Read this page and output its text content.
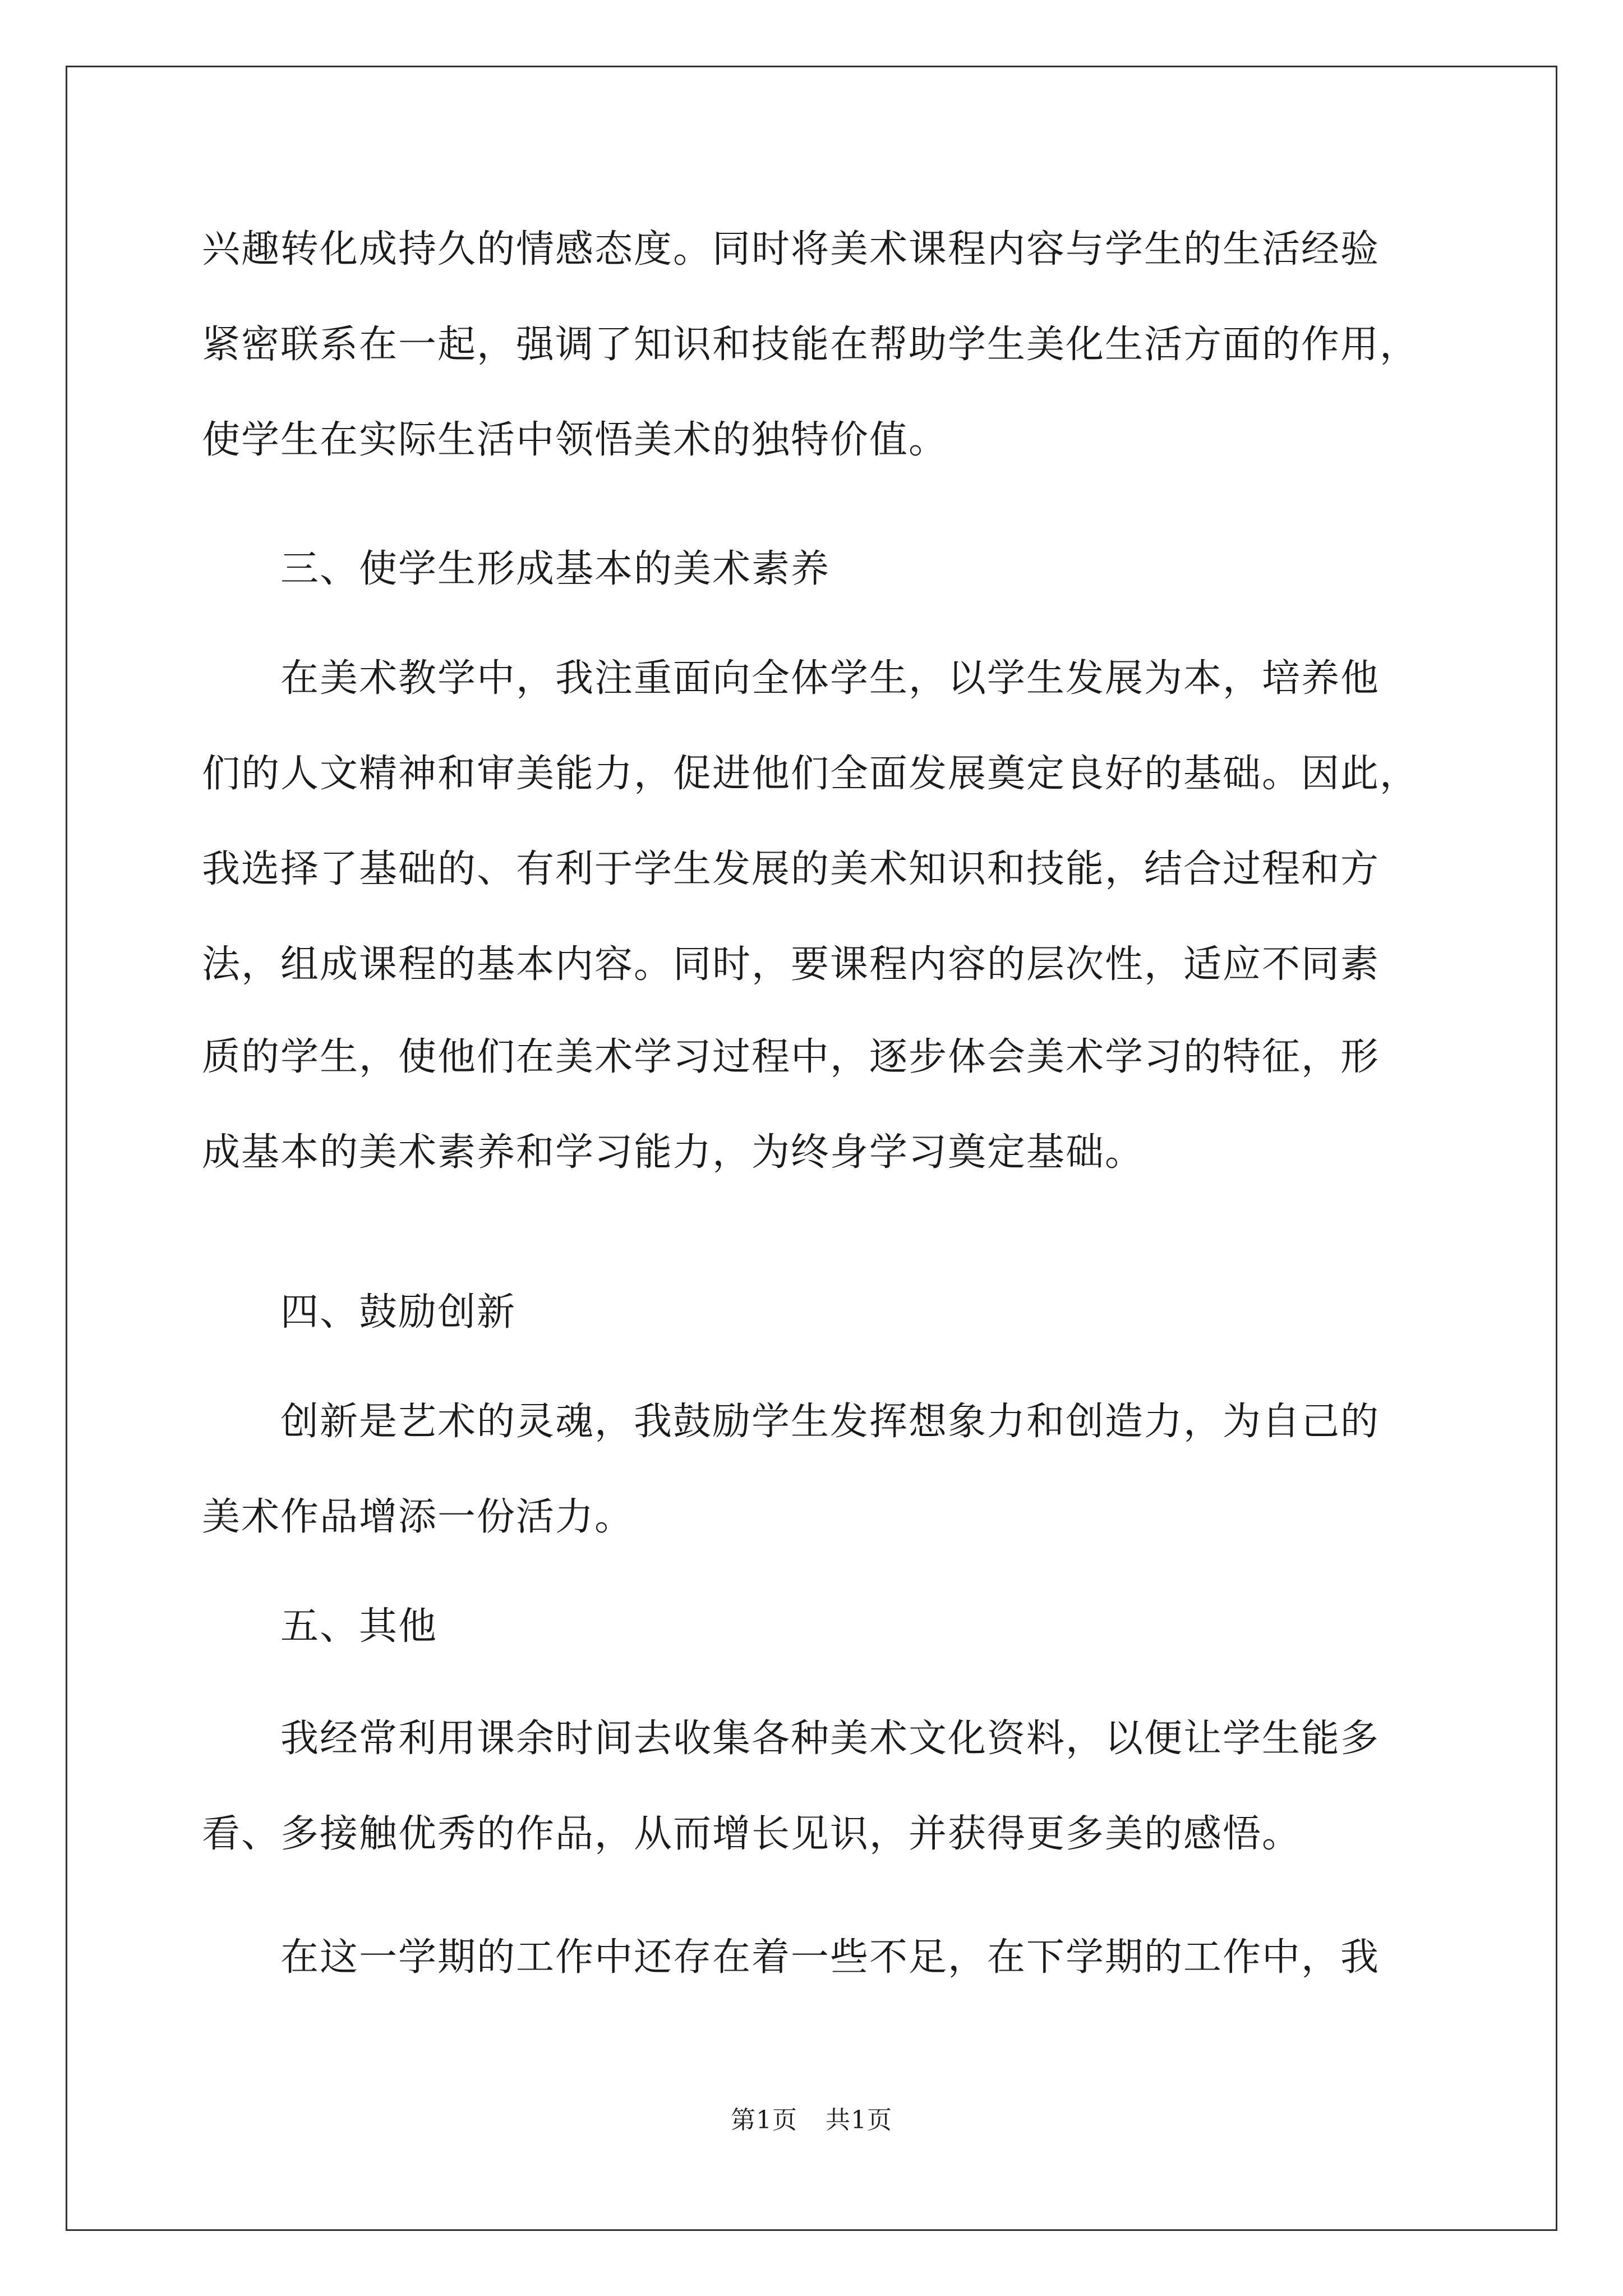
兴趣转化成持久的情感态度。同时将美术课程内容与学生的生活经验
紧密联系在一起，强调了知识和技能在帮助学生美化生活方面的作用，
使学生在实际生活中领悟美术的独特价值。
三、使学生形成基本的美术素养
在美术教学中，我注重面向全体学生，以学生发展为本，培养他
们的人文精神和审美能力，促进他们全面发展奠定良好的基础。因此，
我选择了基础的、有利于学生发展的美术知识和技能，结合过程和方
法，组成课程的基本内容。同时，要课程内容的层次性，适应不同素
质的学生，使他们在美术学习过程中，逐步体会美术学习的特征，形
成基本的美术素养和学习能力，为终身学习奠定基础。
四、鼓励创新
创新是艺术的灵魂，我鼓励学生发挥想象力和创造力，为自己的
美术作品增添一份活力。
五、其他
我经常利用课余时间去收集各种美术文化资料，以便让学生能多
看、多接触优秀的作品，从而增长见识，并获得更多美的感悟。
在这一学期的工作中还存在着一些不足，在下学期的工作中，我
第1页 共1页
